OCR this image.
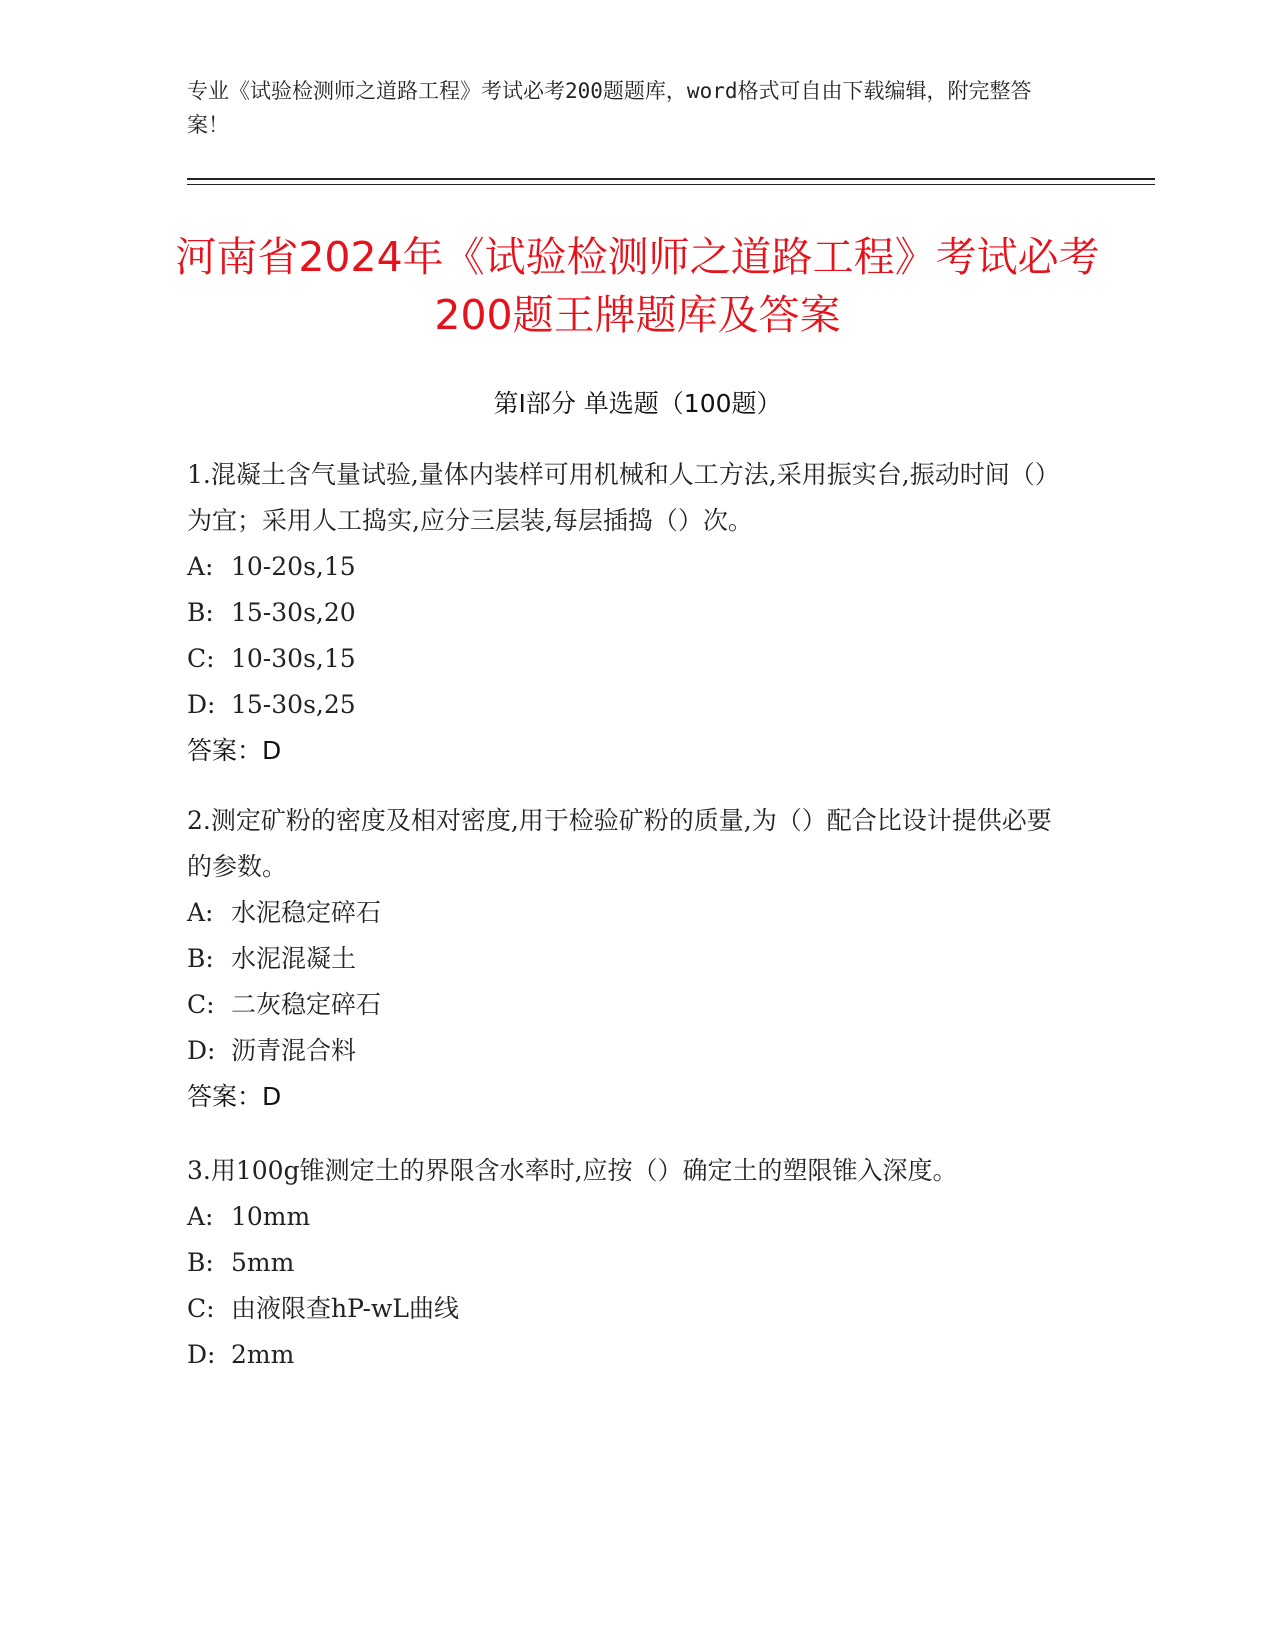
专业《试验检测师之道路工程》考试必考200题题库，word格式可自由下载编辑，附完整答案！
河南省2024年《试验检测师之道路工程》考试必考200题王牌题库及答案
第Ⅰ部分 单选题（100题）
1.混凝土含气量试验,量体内装样可用机械和人工方法,采用振实台,振动时间（）为宜；采用人工捣实,应分三层装,每层插捣（）次。
A: 10-20s,15
B: 15-30s,20
C: 10-30s,15
D: 15-30s,25
答案：D
2.测定矿粉的密度及相对密度,用于检验矿粉的质量,为（）配合比设计提供必要的参数。
A: 水泥稳定碎石
B: 水泥混凝土
C: 二灰稳定碎石
D: 沥青混合料
答案：D
3.用100g锥测定土的界限含水率时,应按（）确定土的塑限锥入深度。
A: 10mm
B: 5mm
C: 由液限查hP-wL曲线
D: 2mm
